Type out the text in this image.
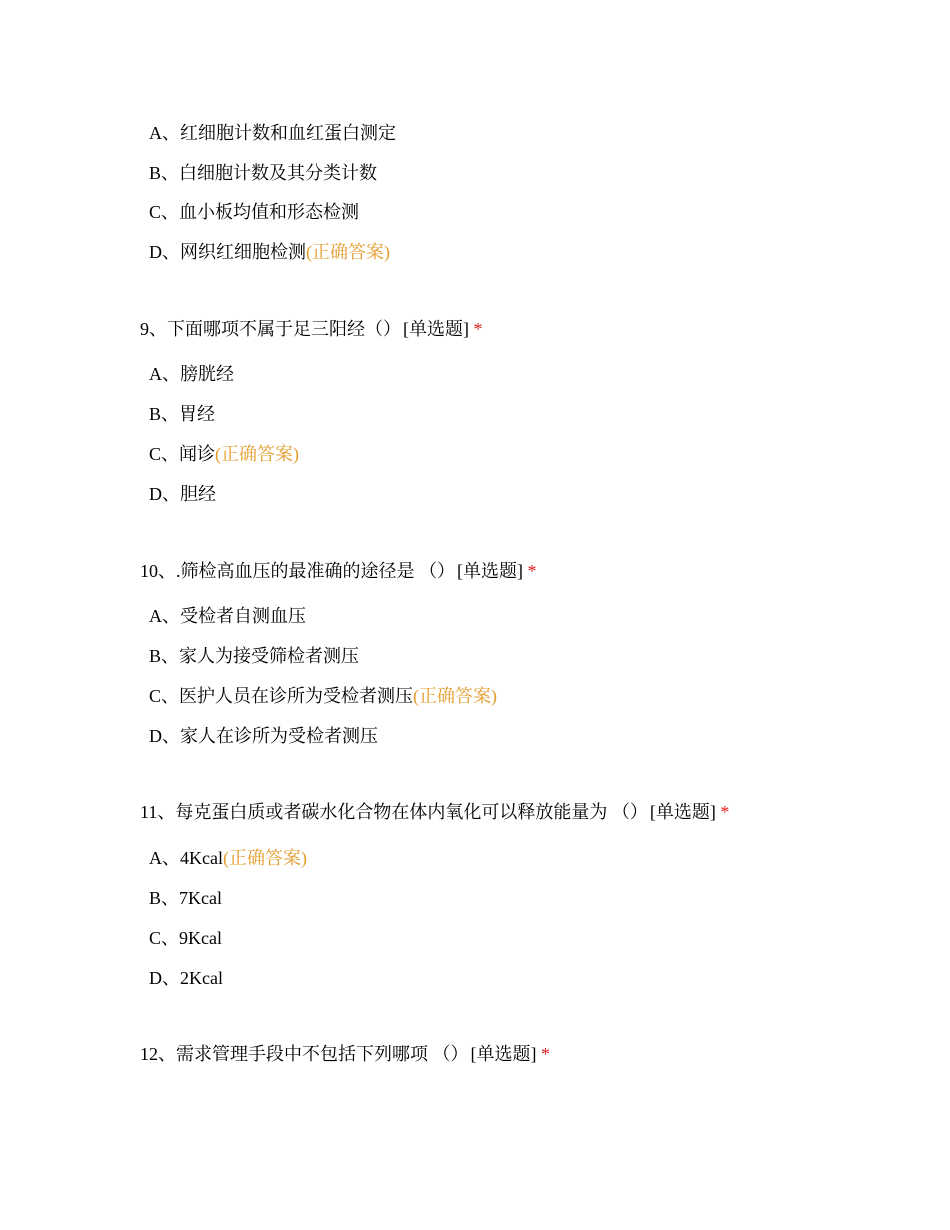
A、红细胞计数和血红蛋白测定
B、白细胞计数及其分类计数
C、血小板均值和形态检测
D、网织红细胞检测(正确答案)
9、下面哪项不属于足三阳经（） [单选题] *
A、膀胱经
B、胃经
C、闻诊(正确答案)
D、胆经
10、.筛检高血压的最准确的途径是 （） [单选题] *
A、受检者自测血压
B、家人为接受筛检者测压
C、医护人员在诊所为受检者测压(正确答案)
D、家人在诊所为受检者测压
11、每克蛋白质或者碳水化合物在体内氧化可以释放能量为 （） [单选题] *
A、4Kcal(正确答案)
B、7Kcal
C、9Kcal
D、2Kcal
12、需求管理手段中不包括下列哪项 （） [单选题] *
